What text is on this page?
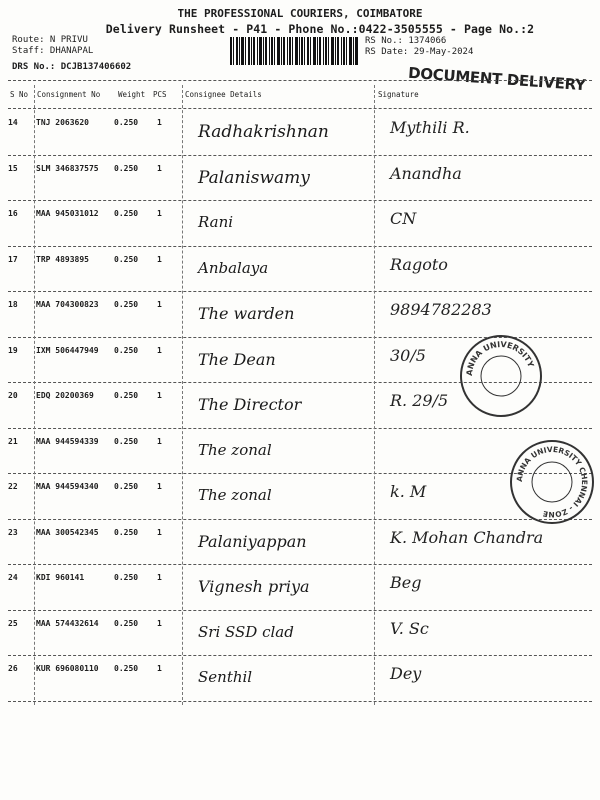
THE PROFESSIONAL COURIERS, COIMBATORE
Delivery Runsheet - P41 - Phone No.:0422-3505555 - Page No.:2
Route: N PRIVU
Staff: DHANAPAL
DRS No.: DCJB137406602
RS No.: 1374066
RS Date: 29-May-2024
DOCUMENT DELIVERY
S No Consignment No Weight PCS Consignee Details	Signature
14 TNJ 2063620	0.250 1 Radhakrishnan	Mythili R.
15 SLM 346837575 0.250 1 Palaniswamy	Anandha
16 MAA 945031012 0.250 1 Rani	CN
17 TRP 4893895	0.250 1 Anbalaya	Ragoto
18 MAA 704300823 0.250 1 The warden	9894782283
19 IXM 506447949 0.250 1 The Dean	30/5
20 EDQ 20200369	0.250 1 The Director	R. 29/5
21 MAA 944594339 0.250 1 The zonal
22 MAA 944594340 0.250 1 The zonal	k. M
23 MAA 300542345 0.250 1 Palaniyappan	K. Mohan Chandra
24 KDI 960141	0.250 1 Vignesh priya	Beg
25 MAA 574432614 0.250 1 Sri SSD clad	V. Sc
26 KUR 696080110 0.250 1 Senthil	Dey
ANNA UNIVERSITY
ANNA UNIVERSITY CHENNAI - ZONE
